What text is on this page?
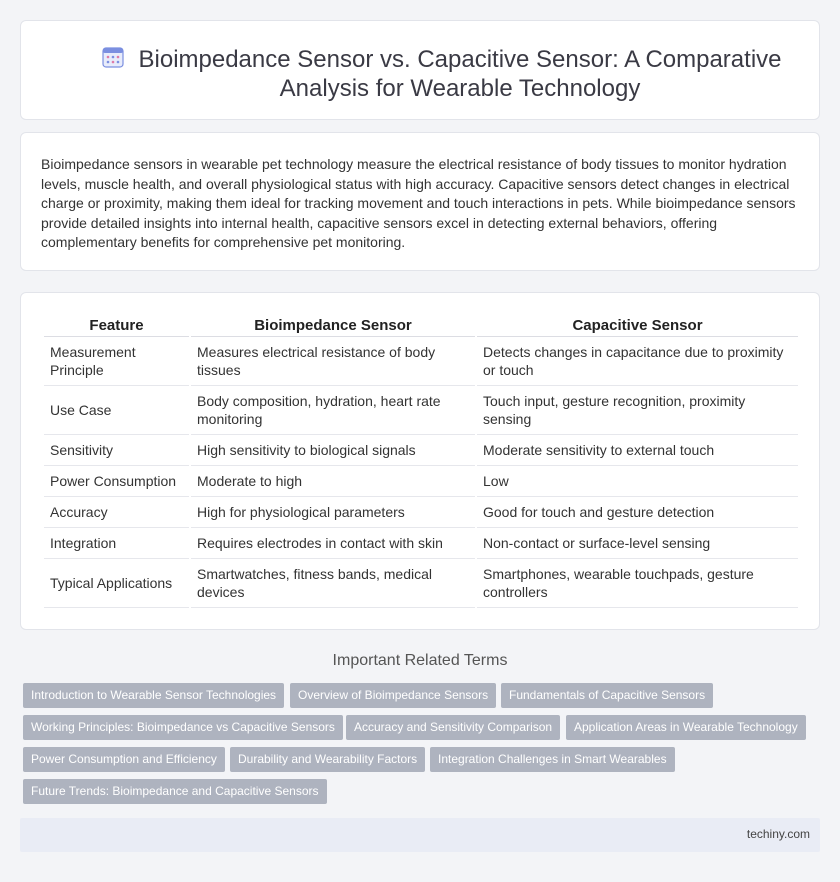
Bioimpedance Sensor vs. Capacitive Sensor: A Comparative Analysis for Wearable Technology

Bioimpedance sensors in wearable pet technology measure the electrical resistance of body tissues to monitor hydration levels, muscle health, and overall physiological status with high accuracy. Capacitive sensors detect changes in electrical charge or proximity, making them ideal for tracking movement and touch interactions in pets. While bioimpedance sensors provide detailed insights into internal health, capacitive sensors excel in detecting external behaviors, offering complementary benefits for comprehensive pet monitoring.

Feature	Bioimpedance Sensor	Capacitive Sensor
Measurement Principle	Measures electrical resistance of body tissues	Detects changes in capacitance due to proximity or touch
Use Case	Body composition, hydration, heart rate monitoring	Touch input, gesture recognition, proximity sensing
Sensitivity	High sensitivity to biological signals	Moderate sensitivity to external touch
Power Consumption	Moderate to high	Low
Accuracy	High for physiological parameters	Good for touch and gesture detection
Integration	Requires electrodes in contact with skin	Non-contact or surface-level sensing
Typical Applications	Smartwatches, fitness bands, medical devices	Smartphones, wearable touchpads, gesture controllers
Important Related Terms
Introduction to Wearable Sensor Technologies	Overview of Bioimpedance Sensors	Fundamentals of Capacitive Sensors
Working Principles: Bioimpedance vs Capacitive Sensors	Accuracy and Sensitivity Comparison	Application Areas in Wearable Technology
Power Consumption and Efficiency	Durability and Wearability Factors	Integration Challenges in Smart Wearables
Future Trends: Bioimpedance and Capacitive Sensors
techiny.com
